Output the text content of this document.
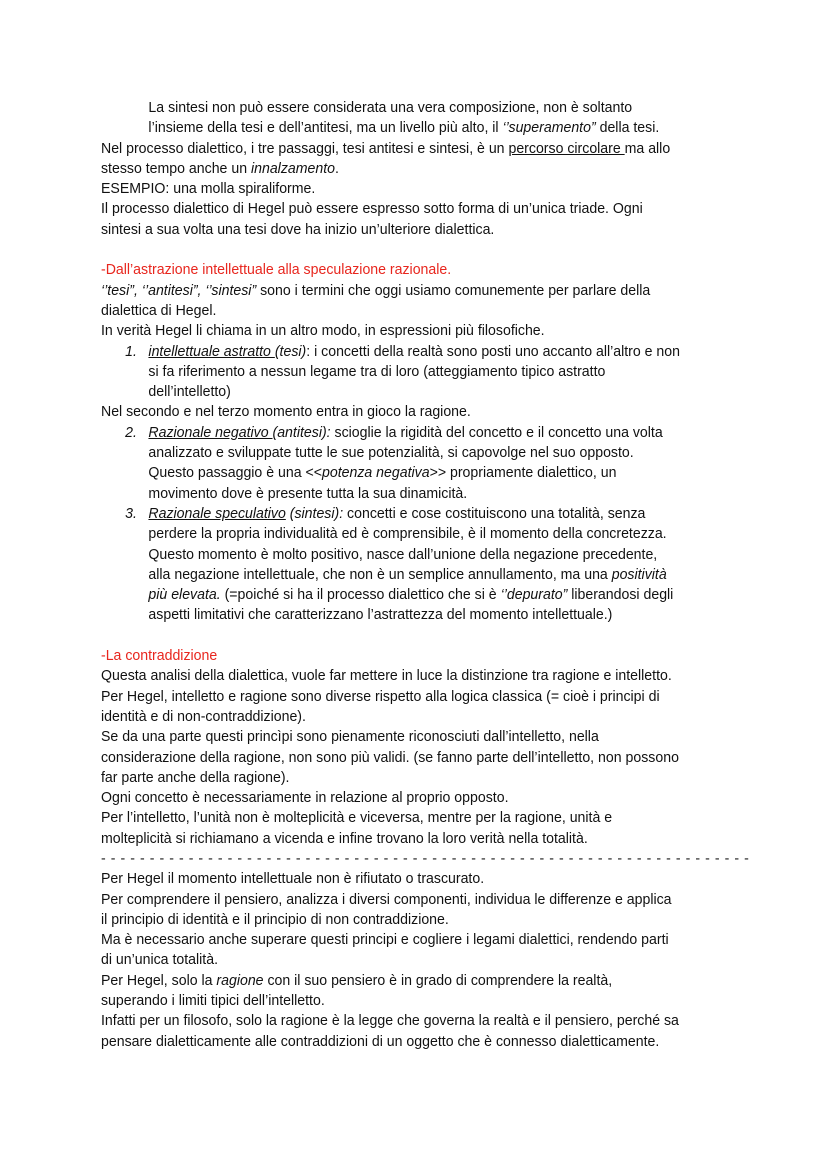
La sintesi non può essere considerata una vera composizione, non è soltanto
l’insieme della tesi e dell’antitesi, ma un livello più alto, il ‘’superamento” della tesi.
Nel processo dialettico, i tre passaggi, tesi antitesi e sintesi, è un percorso circolare ma allo
stesso tempo anche un innalzamento.
ESEMPIO: una molla spiraliforme.
Il processo dialettico di Hegel può essere espresso sotto forma di un’unica triade. Ogni
sintesi a sua volta una tesi dove ha inizio un’ulteriore dialettica.
-Dall’astrazione intellettuale alla speculazione razionale.
‘’tesi”, ‘’antitesi”, ‘’sintesi” sono i termini che oggi usiamo comunemente per parlare della
dialettica di Hegel.
In verità Hegel li chiama in un altro modo, in espressioni più filosofiche.
1. intellettuale astratto (tesi): i concetti della realtà sono posti uno accanto all’altro e non
si fa riferimento a nessun legame tra di loro (atteggiamento tipico astratto
dell’intelletto)
Nel secondo e nel terzo momento entra in gioco la ragione.
2. Razionale negativo (antitesi): scioglie la rigidità del concetto e il concetto una volta
analizzato e sviluppate tutte le sue potenzialità, si capovolge nel suo opposto.
Questo passaggio è una <<potenza negativa>> propriamente dialettico, un
movimento dove è presente tutta la sua dinamicità.
3. Razionale speculativo (sintesi): concetti e cose costituiscono una totalità, senza
perdere la propria individualità ed è comprensibile, è il momento della concretezza.
Questo momento è molto positivo, nasce dall’unione della negazione precedente,
alla negazione intellettuale, che non è un semplice annullamento, ma una positività
più elevata. (=poiché si ha il processo dialettico che si è ‘’depurato” liberandosi degli
aspetti limitativi che caratterizzano l’astrattezza del momento intellettuale.)
-La contraddizione
Questa analisi della dialettica, vuole far mettere in luce la distinzione tra ragione e intelletto.
Per Hegel, intelletto e ragione sono diverse rispetto alla logica classica (= cioè i principi di
identità e di non-contraddizione).
Se da una parte questi princìpi sono pienamente riconosciuti dall’intelletto, nella
considerazione della ragione, non sono più validi. (se fanno parte dell’intelletto, non possono
far parte anche della ragione).
Ogni concetto è necessariamente in relazione al proprio opposto.
Per l’intelletto, l’unità non è molteplicità e viceversa, mentre per la ragione, unità e
molteplicità si richiamano a vicenda e infine trovano la loro verità nella totalità.
- - - - - - - - - - - - - - - - - - - - - - - - - - - - - - - - - - - - - - - - - - - - - - - - - - - - - - - - - - - - - - - - - - -
Per Hegel il momento intellettuale non è rifiutato o trascurato.
Per comprendere il pensiero, analizza i diversi componenti, individua le differenze e applica
il principio di identità e il principio di non contraddizione.
Ma è necessario anche superare questi principi e cogliere i legami dialettici, rendendo parti
di un’unica totalità.
Per Hegel, solo la ragione con il suo pensiero è in grado di comprendere la realtà,
superando i limiti tipici dell’intelletto.
Infatti per un filosofo, solo la ragione è la legge che governa la realtà e il pensiero, perché sa
pensare dialetticamente alle contraddizioni di un oggetto che è connesso dialetticamente.
